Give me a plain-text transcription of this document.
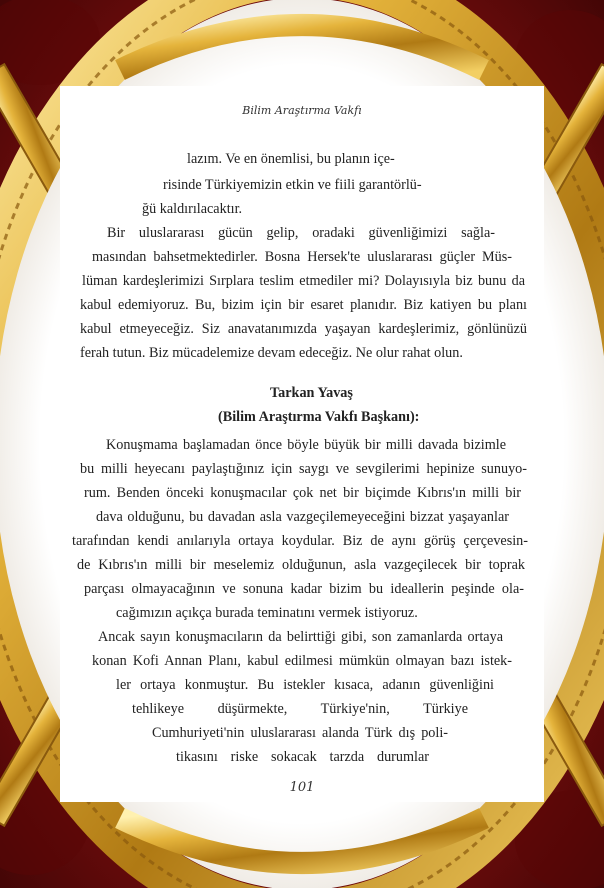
Bilim Araştırma Vakfı
lazım. Ve en önemlisi, bu planın içe-
risinde Türkiyemizin etkin ve fiili garantörlü-
ğü kaldırılacaktır.
Bir uluslararası gücün gelip, oradaki güvenliğimizi sağla-
masından bahsetmektedirler. Bosna Hersek'te uluslararası güçler Müs-
lüman kardeşlerimizi Sırplara teslim etmediler mi? Dolayısıyla biz bunu da
kabul edemiyoruz. Bu, bizim için bir esaret planıdır. Biz katiyen bu planı
kabul etmeyeceğiz. Siz anavatanımızda yaşayan kardeşlerimiz, gönlünüzü
ferah tutun. Biz mücadelemize devam edeceğiz. Ne olur rahat olun.
Tarkan Yavaş
(Bilim Araştırma Vakfı Başkanı):
Konuşmama başlamadan önce böyle büyük bir milli davada bizimle
bu milli heyecanı paylaştığınız için saygı ve sevgilerimi hepinize sunuyo-
rum. Benden önceki konuşmacılar çok net bir biçimde Kıbrıs'ın milli bir
dava olduğunu, bu davadan asla vazgeçilemeyeceğini bizzat yaşayanlar
tarafından kendi anılarıyla ortaya koydular. Biz de aynı görüş çerçevesin-
de Kıbrıs'ın milli bir meselemiz olduğunun, asla vazgeçilecek bir toprak
parçası olmayacağının ve sonuna kadar bizim bu ideallerin peşinde ola-
cağımızın açıkça burada teminatını vermek istiyoruz.
Ancak sayın konuşmacıların da belirttiği gibi, son zamanlarda ortaya
konan Kofi Annan Planı, kabul edilmesi mümkün olmayan bazı istek-
ler ortaya konmuştur. Bu istekler kısaca, adanın güvenliğini
tehlikeye düşürmekte, Türkiye'nin, Türkiye
Cumhuriyeti'nin uluslararası alanda Türk dış poli-
tikasını riske sokacak tarzda durumlar
101
